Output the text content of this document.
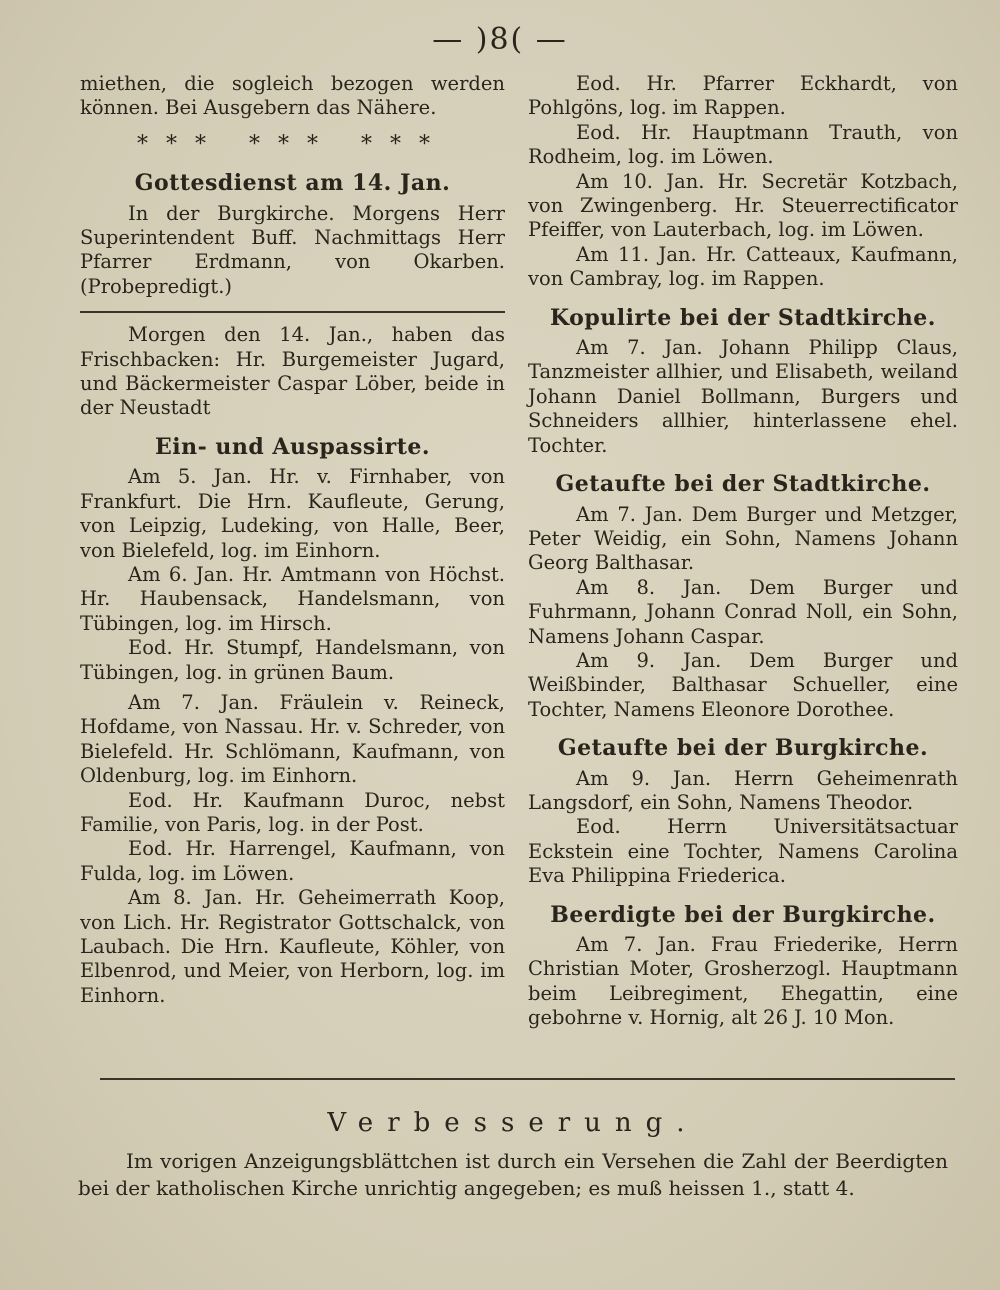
— )8( —

miethen, die sogleich bezogen werden können. Bei Ausgebern das Nähere.

*** *** ***
Gottesdienst am 14. Jan.

In der Burgkirche. Morgens Herr Superintendent Buff. Nachmittags Herr Pfarrer Erdmann, von Okarben. (Probepredigt.)

Morgen den 14. Jan., haben das Frischbacken: Hr. Burgemeister Jugard, und Bäckermeister Caspar Löber, beide in der Neustadt

Ein- und Auspassirte.

Am 5. Jan. Hr. v. Firnhaber, von Frankfurt. Die Hrn. Kaufleute, Gerung, von Leipzig, Ludeking, von Halle, Beer, von Bielefeld, log. im Einhorn.

Am 6. Jan. Hr. Amtmann von Höchst. Hr. Haubensack, Handelsmann, von Tübingen, log. im Hirsch.

Eod. Hr. Stumpf, Handelsmann, von Tübingen, log. in grünen Baum.

Am 7. Jan. Fräulein v. Reineck, Hofdame, von Nassau. Hr. v. Schreder, von Bielefeld. Hr. Schlömann, Kaufmann, von Oldenburg, log. im Einhorn.

Eod. Hr. Kaufmann Duroc, nebst Familie, von Paris, log. in der Post.

Eod. Hr. Harrengel, Kaufmann, von Fulda, log. im Löwen.

Am 8. Jan. Hr. Geheimerrath Koop, von Lich. Hr. Registrator Gottschalck, von Laubach. Die Hrn. Kaufleute, Köhler, von Elbenrod, und Meier, von Herborn, log. im Einhorn.

Eod. Hr. Pfarrer Eckhardt, von Pohlgöns, log. im Rappen.

Eod. Hr. Hauptmann Trauth, von Rodheim, log. im Löwen.

Am 10. Jan. Hr. Secretär Kotzbach, von Zwingenberg. Hr. Steuerrectificator Pfeiffer, von Lauterbach, log. im Löwen.

Am 11. Jan. Hr. Catteaux, Kaufmann, von Cambray, log. im Rappen.

Kopulirte bei der Stadtkirche.

Am 7. Jan. Johann Philipp Claus, Tanzmeister allhier, und Elisabeth, weiland Johann Daniel Bollmann, Burgers und Schneiders allhier, hinterlassene ehel. Tochter.

Getaufte bei der Stadtkirche.

Am 7. Jan. Dem Burger und Metzger, Peter Weidig, ein Sohn, Namens Johann Georg Balthasar.

Am 8. Jan. Dem Burger und Fuhrmann, Johann Conrad Noll, ein Sohn, Namens Johann Caspar.

Am 9. Jan. Dem Burger und Weißbinder, Balthasar Schueller, eine Tochter, Namens Eleonore Dorothee.

Getaufte bei der Burgkirche.

Am 9. Jan. Herrn Geheimenrath Langsdorf, ein Sohn, Namens Theodor.

Eod. Herrn Universitätsactuar Eckstein eine Tochter, Namens Carolina Eva Philippina Friederica.

Beerdigte bei der Burgkirche.

Am 7. Jan. Frau Friederike, Herrn Christian Moter, Grosherzogl. Hauptmann beim Leibregiment, Ehegattin, eine gebohrne v. Hornig, alt 26 J. 10 Mon.

Verbesserung.

Im vorigen Anzeigungsblättchen ist durch ein Versehen die Zahl der Beerdigten bei der katholischen Kirche unrichtig angegeben; es muß heissen 1., statt 4.
